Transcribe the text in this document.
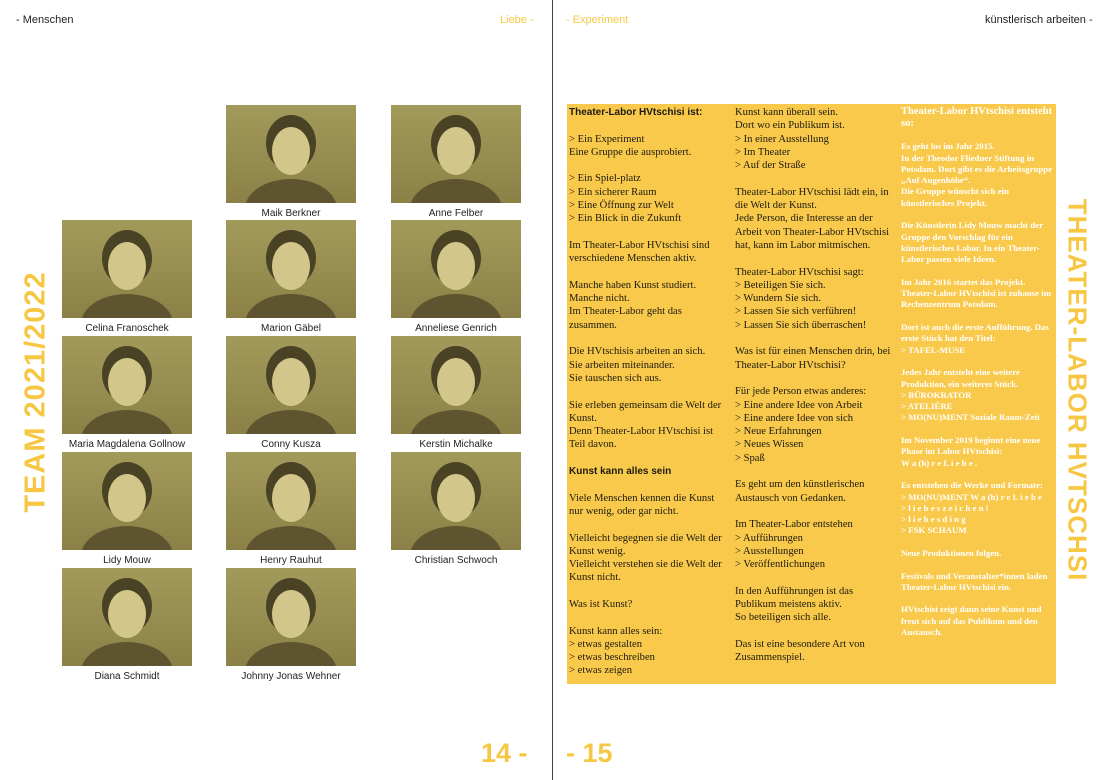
- Menschen	Liebe -	- Experiment	künstlerisch arbeiten -
TEAM 2021/2022	THEATER-LABOR HVTSCHSI
Maik Berkner	Anne Felber
Celina Franoschek	Marion Gäbel	Anneliese Genrich
Maria Magdalena Gollnow	Conny Kusza	Kerstin Michalke
Lidy Mouw	Henry Rauhut	Christian Schwoch
Diana Schmidt	Johnny Jonas Wehner

Theater-Labor HVtschisi ist:

> Ein Experiment
Eine Gruppe die ausprobiert.

> Ein Spiel-platz
> Ein sicherer Raum
> Eine Öffnung zur Welt
> Ein Blick in die Zukunft

Im Theater-Labor HVtschisi sind verschiedene Menschen aktiv.

Manche haben Kunst studiert.
Manche nicht.
Im Theater-Labor geht das zusammen.

Die HVtschisis arbeiten an sich.
Sie arbeiten miteinander.
Sie tauschen sich aus.

Sie erleben gemeinsam die Welt der Kunst.
Denn Theater-Labor HVtschisi ist Teil davon.

Kunst kann alles sein

Viele Menschen kennen die Kunst nur wenig, oder gar nicht.

Vielleicht begegnen sie die Welt der Kunst wenig.
Vielleicht verstehen sie die Welt der Kunst nicht.

Was ist Kunst?

Kunst kann alles sein:
> etwas gestalten
> etwas beschreiben
> etwas zeigen

Kunst kann überall sein.
Dort wo ein Publikum ist.
> In einer Ausstellung
> Im Theater
> Auf der Straße

Theater-Labor HVtschisi lädt ein, in die Welt der Kunst.
Jede Person, die Interesse an der Arbeit von Theater-Labor HVtschisi hat, kann im Labor mitmischen.

Theater-Labor HVtschisi sagt:
> Beteiligen Sie sich.
> Wundern Sie sich.
> Lassen Sie sich verführen!
> Lassen Sie sich überraschen!

Was ist für einen Menschen drin, bei Theater-Labor HVtschisi?

Für jede Person etwas anderes:
> Eine andere Idee von Arbeit
> Eine andere Idee von sich
> Neue Erfahrungen
> Neues Wissen
> Spaß

Es geht um den künstlerischen Austausch von Gedanken.

Im Theater-Labor entstehen
> Aufführungen
> Ausstellungen
> Veröffentlichungen

In den Aufführungen ist das Publikum meistens aktiv.
So beteiligen sich alle.

Das ist eine besondere Art von Zusammenspiel.

Theater-Labor HVtschisi entsteht so:

Es geht los im Jahr 2015.
In der Theodor Fliedner Stiftung in Potsdam. Dort gibt es die Arbeitsgruppe „Auf Augenhöhe“.
Die Gruppe wünscht sich ein künstlerisches Projekt.

Die Künstlerin Lidy Mouw macht der Gruppe den Vorschlag für ein künstlerisches Labor. In ein Theater-Labor passen viele Ideen.

Im Jahr 2016 startet das Projekt. Theater-Labor HVtschisi ist zuhause im Rechenzentrum Potsdam.

Dort ist auch die erste Aufführung. Das erste Stück hat den Titel:
> TAFEL-MUSE

Jedes Jahr entsteht eine weitere Produktion, ein weiteres Stück.
> BÜROKRATOR
> ATELIÉRE
> MO(NU)MENT Soziale Raum-Zeit

Im November 2019 beginnt eine neue Phase im Labor HVtschisi:
W a (h) r e L i e b e .

Es entstehen die Werke und Formate:
> MO(NU)MENT W a (h) r e L i e b e
> l i e b e s z e i c h e n !
> l i e b e s d i n g
> FSK SCHAUM

Neue Produktionen folgen.

Festivals und Veranstalter*innen laden Theater-Labor HVtschisi ein.

HVtschisi zeigt dann seine Kunst und freut sich auf das Publikum und den Austausch.

14 - - 15
